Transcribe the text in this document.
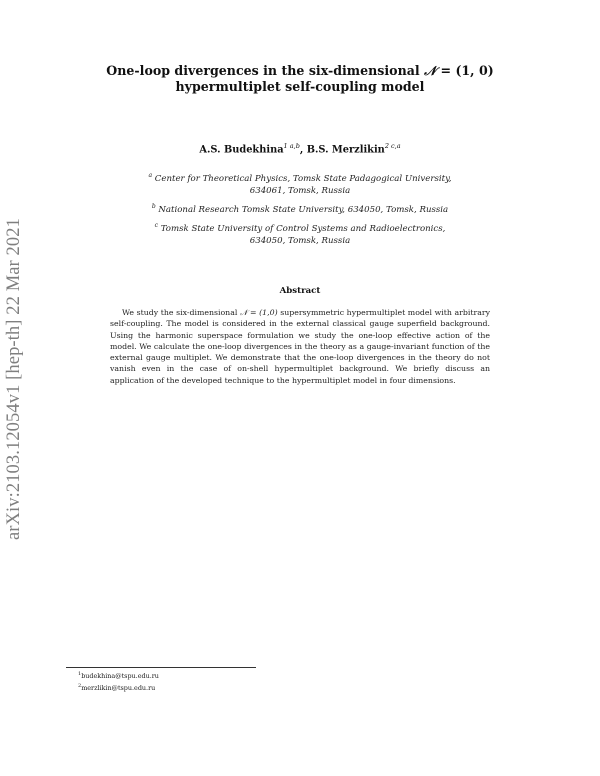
arXiv:2103.12054v1 [hep-th] 22 Mar 2021
One-loop divergences in the six-dimensional 𝒩 = (1, 0)
hypermultiplet self-coupling model
A.S. Budekhina$^{1 a,b}$, B.S. Merzlikin$^{2 c,a}$
$^a$ Center for Theoretical Physics, Tomsk State Padagogical University,
634061, Tomsk, Russia
$^b$ National Research Tomsk State University, 634050, Tomsk, Russia
$^c$ Tomsk State University of Control Systems and Radioelectronics,
634050, Tomsk, Russia
Abstract
We study the six-dimensional 𝒩 = (1,0) supersymmetric hypermultiplet model with arbitrary self-coupling. The model is considered in the external classical gauge superfield background. Using the harmonic superspace formulation we study the one-loop effective action of the model. We calculate the one-loop divergences in the theory as a gauge-invariant function of the external gauge multiplet. We demonstrate that the one-loop divergences in the theory do not vanish even in the case of on-shell hypermultiplet background. We briefly discuss an application of the developed technique to the hypermultiplet model in four dimensions.
$^1$budekhina@tspu.edu.ru
$^2$merzlikin@tspu.edu.ru
